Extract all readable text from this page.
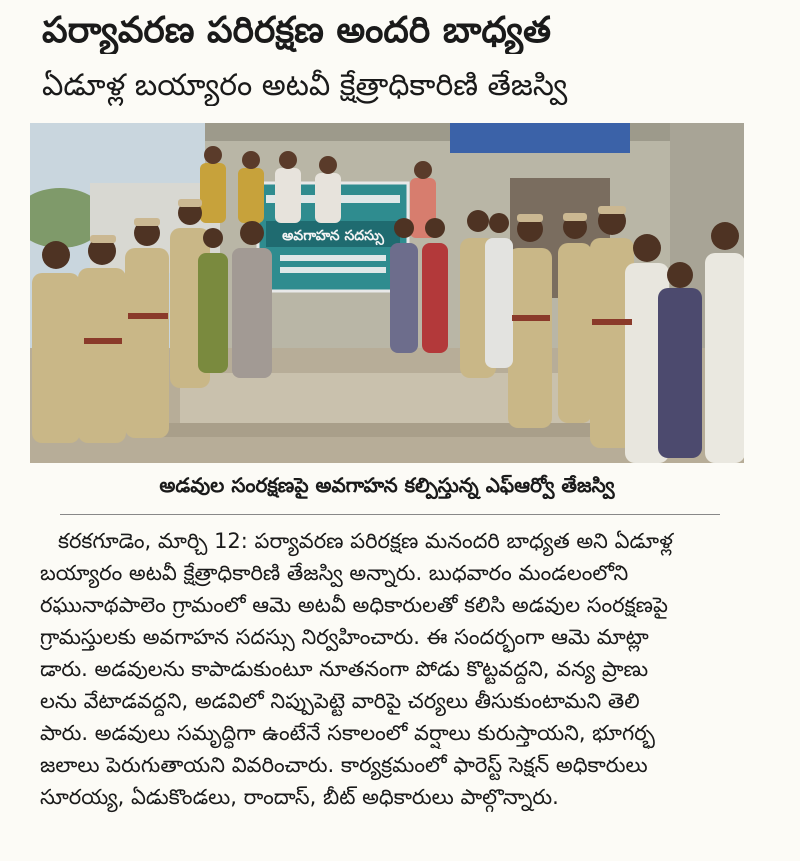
పర్యావరణ పరిరక్షణ అందరి బాధ్యత
ఏడూళ్ల బయ్యారం అటవీ క్షేత్రాధికారిణి తేజస్వి
అవగాహన సదస్సు
అడవుల సంరక్షణపై అవగాహన కల్పిస్తున్న ఎఫ్ఆర్వో తేజస్వి
కరకగూడెం, మార్చి 12: పర్యావరణ పరిరక్షణ మనందరి బాధ్యత అని ఏడూళ్ల
బయ్యారం అటవీ క్షేత్రాధికారిణి తేజస్వి అన్నారు. బుధవారం మండలంలోని
రఘునాథపాలెం గ్రామంలో ఆమె అటవీ అధికారులతో కలిసి అడవుల సంరక్షణపై
గ్రామస్తులకు అవగాహన సదస్సు నిర్వహించారు. ఈ సందర్భంగా ఆమె మాట్లా
డారు. అడవులను కాపాడుకుంటూ నూతనంగా పోడు కొట్టవద్దని, వన్య ప్రాణు
లను వేటాడవద్దని, అడవిలో నిప్పుపెట్టె వారిపై చర్యలు తీసుకుంటామని తెలి
పారు. అడవులు సమృద్ధిగా ఉంటేనే సకాలంలో వర్షాలు కురుస్తాయని, భూగర్భ
జలాలు పెరుగుతాయని వివరించారు. కార్యక్రమంలో ఫారెస్ట్ సెక్షన్ అధికారులు
సూరయ్య, ఏడుకొండలు, రాందాస్, బీట్ అధికారులు పాల్గొన్నారు.
